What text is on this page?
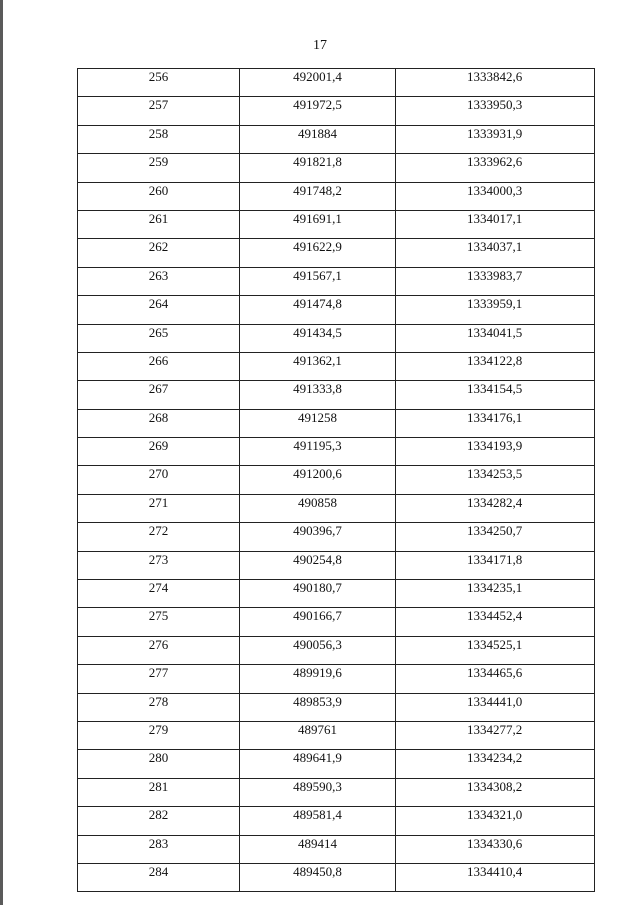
17
256	492001,4	1333842,6
257	491972,5	1333950,3
258	491884	1333931,9
259	491821,8	1333962,6
260	491748,2	1334000,3
261	491691,1	1334017,1
262	491622,9	1334037,1
263	491567,1	1333983,7
264	491474,8	1333959,1
265	491434,5	1334041,5
266	491362,1	1334122,8
267	491333,8	1334154,5
268	491258	1334176,1
269	491195,3	1334193,9
270	491200,6	1334253,5
271	490858	1334282,4
272	490396,7	1334250,7
273	490254,8	1334171,8
274	490180,7	1334235,1
275	490166,7	1334452,4
276	490056,3	1334525,1
277	489919,6	1334465,6
278	489853,9	1334441,0
279	489761	1334277,2
280	489641,9	1334234,2
281	489590,3	1334308,2
282	489581,4	1334321,0
283	489414	1334330,6
284	489450,8	1334410,4
